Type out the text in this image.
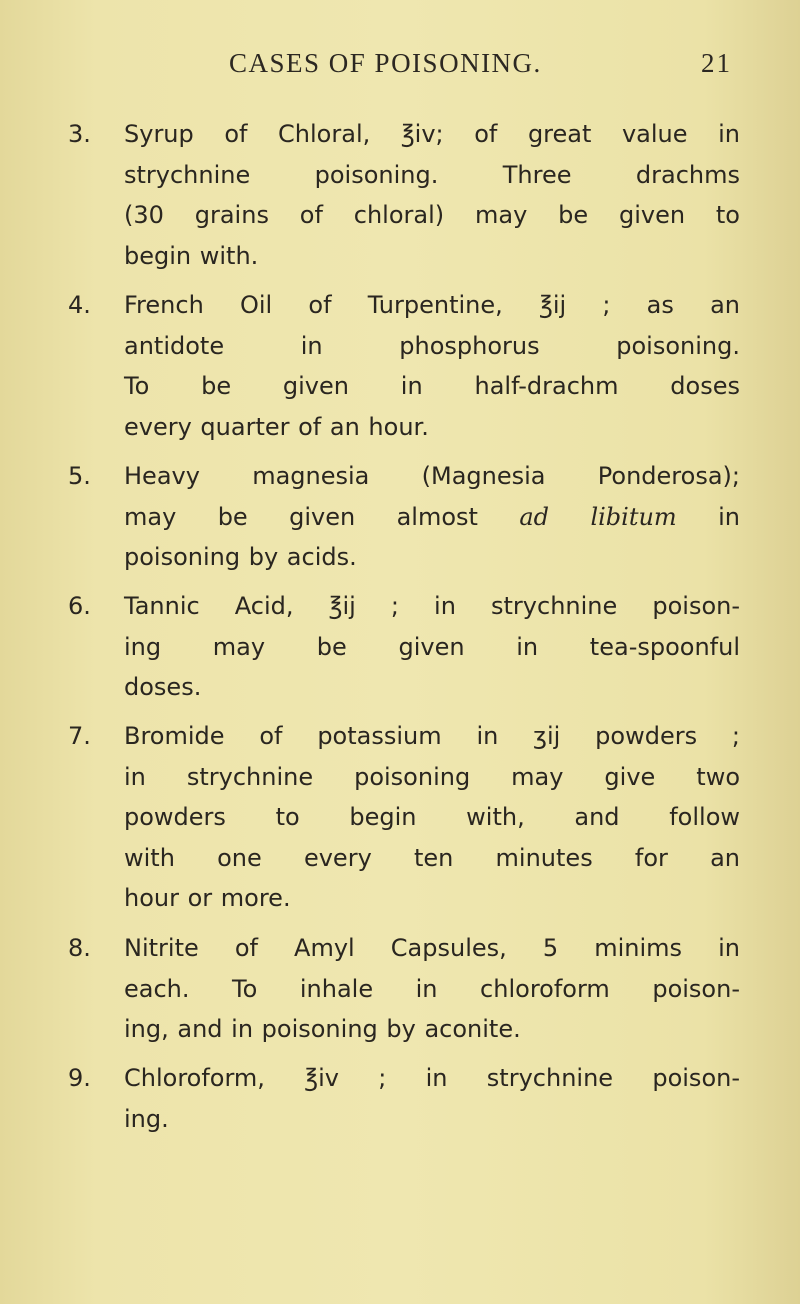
CASES OF POISONING.	21
3.	Syrup of Chloral, ℥iv; of great value in
strychnine poisoning. Three drachms
(30 grains of chloral) may be given to
begin with.
4.	French Oil of Turpentine, ℥ij ; as an
antidote in phosphorus poisoning.
To be given in half-drachm doses
every quarter of an hour.
5.	Heavy magnesia (Magnesia Ponderosa);
may be given almost ad libitum in
poisoning by acids.
6.	Tannic Acid, ℥ij ; in strychnine poison-
ing may be given in tea-spoonful
doses.
7.	Bromide of potassium in ʒij powders ;
in strychnine poisoning may give two
powders to begin with, and follow
with one every ten minutes for an
hour or more.
8.	Nitrite of Amyl Capsules, 5 minims in
each. To inhale in chloroform poison-
ing, and in poisoning by aconite.
9.	Chloroform, ℥iv ; in strychnine poison-
ing.
